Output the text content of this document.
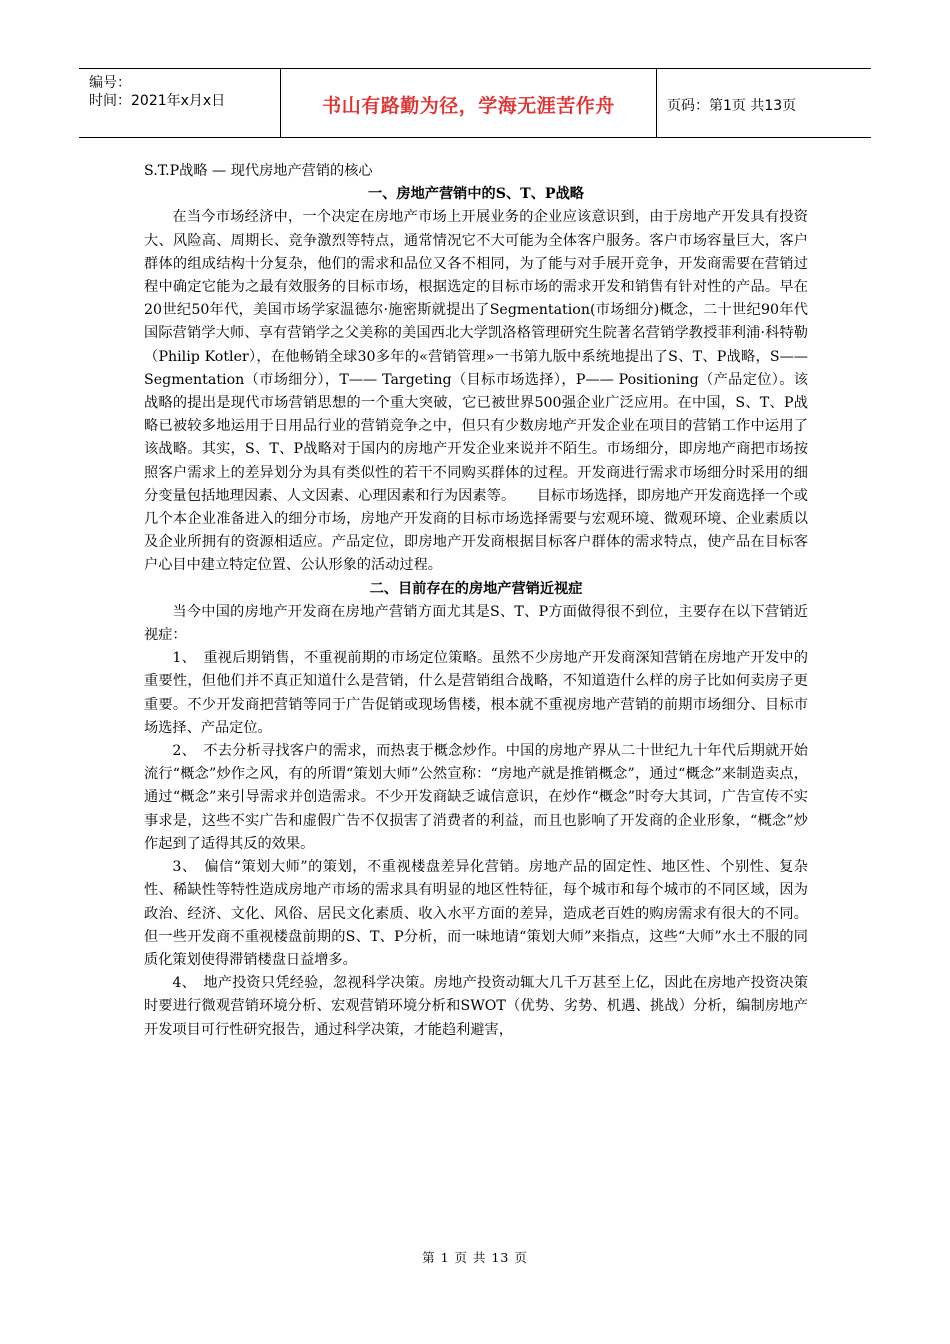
编号：
时间：2021年x月x日	书山有路勤为径，学海无涯苦作舟	页码：第1页 共13页

S.T.P战略 — 现代房地产营销的核心

一、房地产营销中的S、T、P战略

在当今市场经济中，一个决定在房地产市场上开展业务的企业应该意识到，由于房地产开发具有投资大、风险高、周期长、竞争激烈等特点，通常情况它不大可能为全体客户服务。客户市场容量巨大，客户群体的组成结构十分复杂，他们的需求和品位又各不相同，为了能与对手展开竞争，开发商需要在营销过程中确定它能为之最有效服务的目标市场，根据选定的目标市场的需求开发和销售有针对性的产品。早在20世纪50年代，美国市场学家温德尔·施密斯就提出了Segmentation(市场细分)概念，二十世纪90年代国际营销学大师、享有营销学之父美称的美国西北大学凯洛格管理研究生院著名营销学教授菲利浦·科特勒（Philip Kotler），在他畅销全球30多年的«营销管理»一书第九版中系统地提出了S、T、P战略，S——Segmentation（市场细分），T—— Targeting（目标市场选择），P—— Positioning（产品定位）。该战略的提出是现代市场营销思想的一个重大突破，它已被世界500强企业广泛应用。在中国，S、T、P战略已被较多地运用于日用品行业的营销竞争之中，但只有少数房地产开发企业在项目的营销工作中运用了该战略。其实，S、T、P战略对于国内的房地产开发企业来说并不陌生。市场细分，即房地产商把市场按照客户需求上的差异划分为具有类似性的若干不同购买群体的过程。开发商进行需求市场细分时采用的细分变量包括地理因素、人文因素、心理因素和行为因素等。　　目标市场选择，即房地产开发商选择一个或几个本企业准备进入的细分市场，房地产开发商的目标市场选择需要与宏观环境、微观环境、企业素质以及企业所拥有的资源相适应。产品定位，即房地产开发商根据目标客户群体的需求特点，使产品在目标客户心目中建立特定位置、公认形象的活动过程。

二、目前存在的房地产营销近视症

当今中国的房地产开发商在房地产营销方面尤其是S、T、P方面做得很不到位，主要存在以下营销近视症：

1、　重视后期销售，不重视前期的市场定位策略。虽然不少房地产开发商深知营销在房地产开发中的重要性，但他们并不真正知道什么是营销，什么是营销组合战略，不知道造什么样的房子比如何卖房子更重要。不少开发商把营销等同于广告促销或现场售楼，根本就不重视房地产营销的前期市场细分、目标市场选择、产品定位。

2、　不去分析寻找客户的需求，而热衷于概念炒作。中国的房地产界从二十世纪九十年代后期就开始流行“概念”炒作之风，有的所谓“策划大师”公然宣称：“房地产就是推销概念”，通过“概念”来制造卖点，通过“概念”来引导需求并创造需求。不少开发商缺乏诚信意识，在炒作“概念”时夸大其词，广告宣传不实事求是，这些不实广告和虚假广告不仅损害了消费者的利益，而且也影响了开发商的企业形象，“概念”炒作起到了适得其反的效果。

3、　偏信“策划大师”的策划，不重视楼盘差异化营销。房地产品的固定性、地区性、个别性、复杂性、稀缺性等特性造成房地产市场的需求具有明显的地区性特征，每个城市和每个城市的不同区域，因为政治、经济、文化、风俗、居民文化素质、收入水平方面的差异，造成老百姓的购房需求有很大的不同。但一些开发商不重视楼盘前期的S、T、P分析，而一味地请“策划大师”来指点，这些“大师”水土不服的同质化策划使得滞销楼盘日益增多。

4、　地产投资只凭经验，忽视科学决策。房地产投资动辄大几千万甚至上亿，因此在房地产投资决策时要进行微观营销环境分析、宏观营销环境分析和SWOT（优势、劣势、机遇、挑战）分析，编制房地产开发项目可行性研究报告，通过科学决策，才能趋利避害，

第 1 页 共 13 页
